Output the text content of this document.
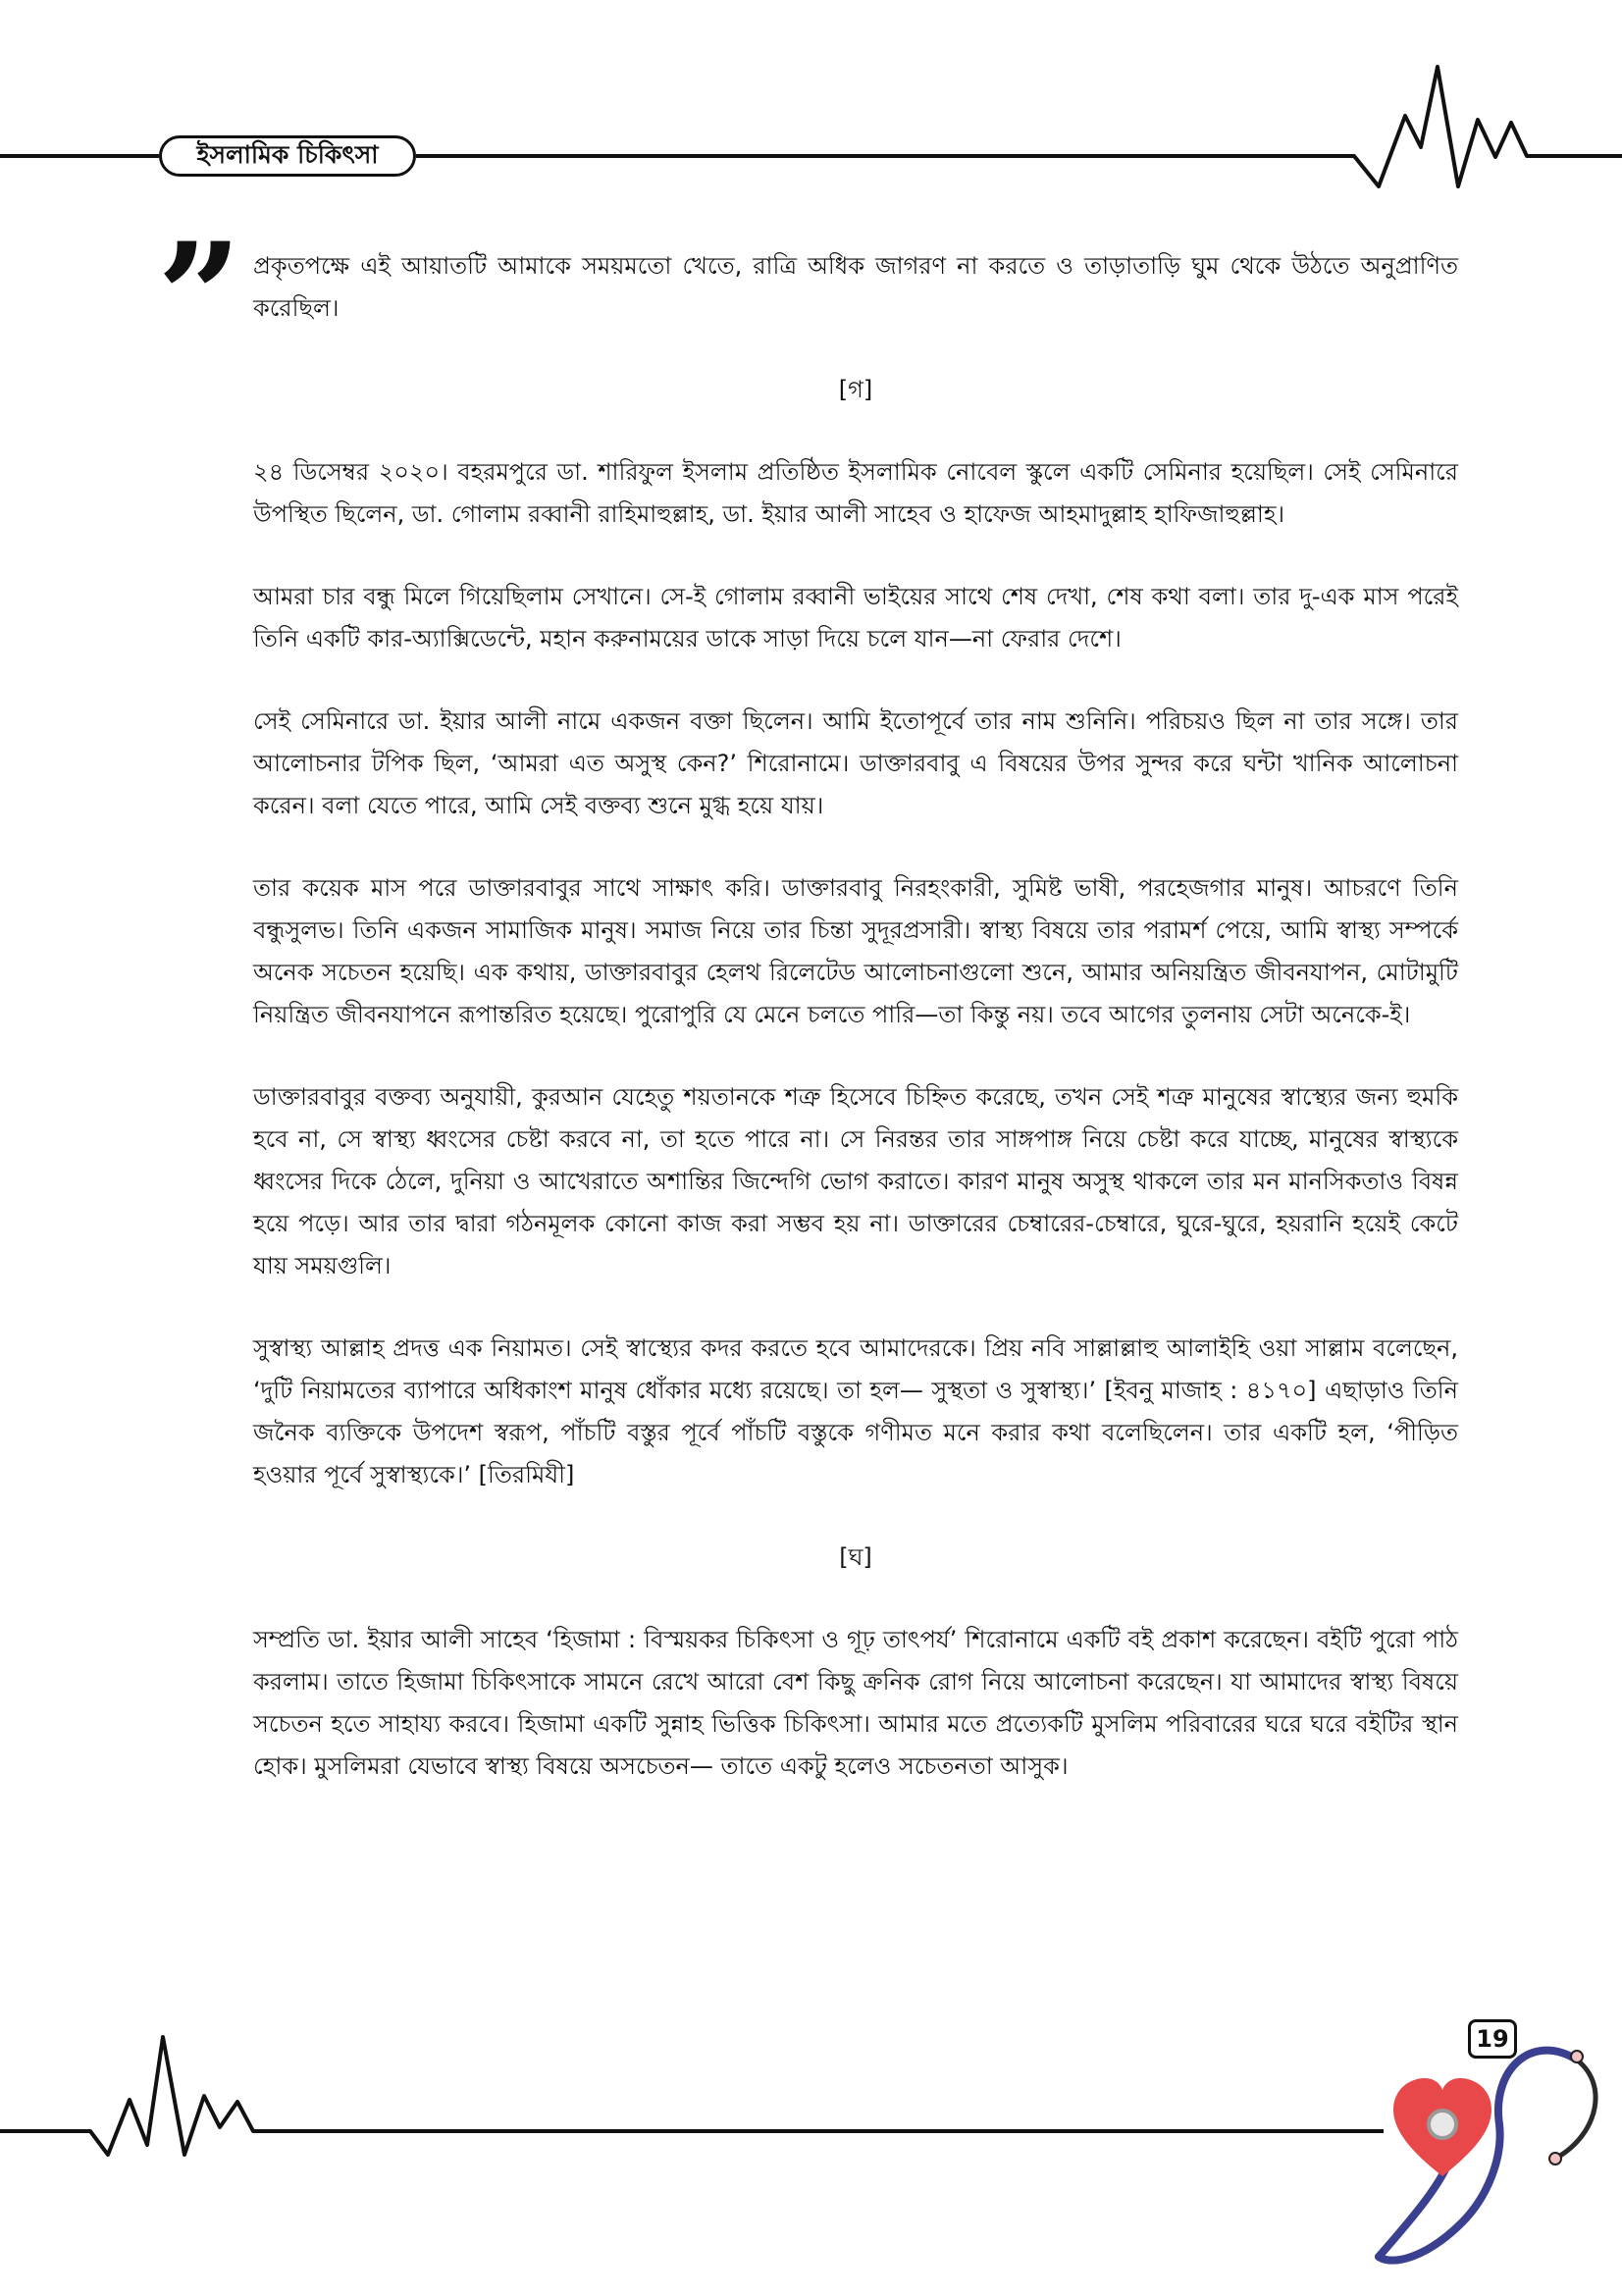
ইসলামিক চিকিৎসা
” প্রকৃতপক্ষে এই আয়াতটি আমাকে সময়মতো খেতে, রাত্রি অধিক জাগরণ না করতে ও তাড়াতাড়ি ঘুম থেকে উঠতে অনুপ্রাণিত করেছিল।

[গ]

২৪ ডিসেম্বর ২০২০। বহরমপুরে ডা. শারিফুল ইসলাম প্রতিষ্ঠিত ইসলামিক নোবেল স্কুলে একটি সেমিনার হয়েছিল। সেই সেমিনারে উপস্থিত ছিলেন, ডা. গোলাম রব্বানী রাহিমাহুল্লাহ, ডা. ইয়ার আলী সাহেব ও হাফেজ আহমাদুল্লাহ হাফিজাহুল্লাহ।

আমরা চার বন্ধু মিলে গিয়েছিলাম সেখানে। সে-ই গোলাম রব্বানী ভাইয়ের সাথে শেষ দেখা, শেষ কথা বলা। তার দু-এক মাস পরেই তিনি একটি কার-অ্যাক্সিডেন্টে, মহান করুনাময়ের ডাকে সাড়া দিয়ে চলে যান—না ফেরার দেশে।

সেই সেমিনারে ডা. ইয়ার আলী নামে একজন বক্তা ছিলেন। আমি ইতোপূর্বে তার নাম শুনিনি। পরিচয়ও ছিল না তার সঙ্গে। তার আলোচনার টপিক ছিল, ‘আমরা এত অসুস্থ কেন?’ শিরোনামে। ডাক্তারবাবু এ বিষয়ের উপর সুন্দর করে ঘন্টা খানিক আলোচনা করেন। বলা যেতে পারে, আমি সেই বক্তব্য শুনে মুগ্ধ হয়ে যায়।

তার কয়েক মাস পরে ডাক্তারবাবুর সাথে সাক্ষাৎ করি। ডাক্তারবাবু নিরহংকারী, সুমিষ্ট ভাষী, পরহেজগার মানুষ। আচরণে তিনি বন্ধুসুলভ। তিনি একজন সামাজিক মানুষ। সমাজ নিয়ে তার চিন্তা সুদূরপ্রসারী। স্বাস্থ্য বিষয়ে তার পরামর্শ পেয়ে, আমি স্বাস্থ্য সম্পর্কে অনেক সচেতন হয়েছি। এক কথায়, ডাক্তারবাবুর হেলথ রিলেটেড আলোচনাগুলো শুনে, আমার অনিয়ন্ত্রিত জীবনযাপন, মোটামুটি নিয়ন্ত্রিত জীবনযাপনে রূপান্তরিত হয়েছে। পুরোপুরি যে মেনে চলতে পারি—তা কিন্তু নয়। তবে আগের তুলনায় সেটা অনেকে-ই।

ডাক্তারবাবুর বক্তব্য অনুযায়ী, কুরআন যেহেতু শয়তানকে শত্রু হিসেবে চিহ্নিত করেছে, তখন সেই শত্রু মানুষের স্বাস্থ্যের জন্য হুমকি হবে না, সে স্বাস্থ্য ধ্বংসের চেষ্টা করবে না, তা হতে পারে না। সে নিরন্তর তার সাঙ্গপাঙ্গ নিয়ে চেষ্টা করে যাচ্ছে, মানুষের স্বাস্থ্যকে ধ্বংসের দিকে ঠেলে, দুনিয়া ও আখেরাতে অশান্তির জিন্দেগি ভোগ করাতে। কারণ মানুষ অসুস্থ থাকলে তার মন মানসিকতাও বিষন্ন হয়ে পড়ে। আর তার দ্বারা গঠনমূলক কোনো কাজ করা সম্ভব হয় না। ডাক্তারের চেম্বারের-চেম্বারে, ঘুরে-ঘুরে, হয়রানি হয়েই কেটে যায় সময়গুলি।

সুস্বাস্থ্য আল্লাহ প্রদত্ত এক নিয়ামত। সেই স্বাস্থ্যের কদর করতে হবে আমাদেরকে। প্রিয় নবি সাল্লাল্লাহু আলাইহি ওয়া সাল্লাম বলেছেন, ‘দুটি নিয়ামতের ব্যাপারে অধিকাংশ মানুষ ধোঁকার মধ্যে রয়েছে। তা হল— সুস্থতা ও সুস্বাস্থ্য।’ [ইবনু মাজাহ : ৪১৭০] এছাড়াও তিনি জনৈক ব্যক্তিকে উপদেশ স্বরূপ, পাঁচটি বস্তুর পূর্বে পাঁচটি বস্তুকে গণীমত মনে করার কথা বলেছিলেন। তার একটি হল, ‘পীড়িত হওয়ার পূর্বে সুস্বাস্থ্যকে।’ [তিরমিযী]

[ঘ]

সম্প্রতি ডা. ইয়ার আলী সাহেব ‘হিজামা : বিস্ময়কর চিকিৎসা ও গূঢ় তাৎপর্য’ শিরোনামে একটি বই প্রকাশ করেছেন। বইটি পুরো পাঠ করলাম। তাতে হিজামা চিকিৎসাকে সামনে রেখে আরো বেশ কিছু ক্রনিক রোগ নিয়ে আলোচনা করেছেন। যা আমাদের স্বাস্থ্য বিষয়ে সচেতন হতে সাহায্য করবে। হিজামা একটি সুন্নাহ ভিত্তিক চিকিৎসা। আমার মতে প্রত্যেকটি মুসলিম পরিবারের ঘরে ঘরে বইটির স্থান হোক। মুসলিমরা যেভাবে স্বাস্থ্য বিষয়ে অসচেতন— তাতে একটু হলেও সচেতনতা আসুক।

19
